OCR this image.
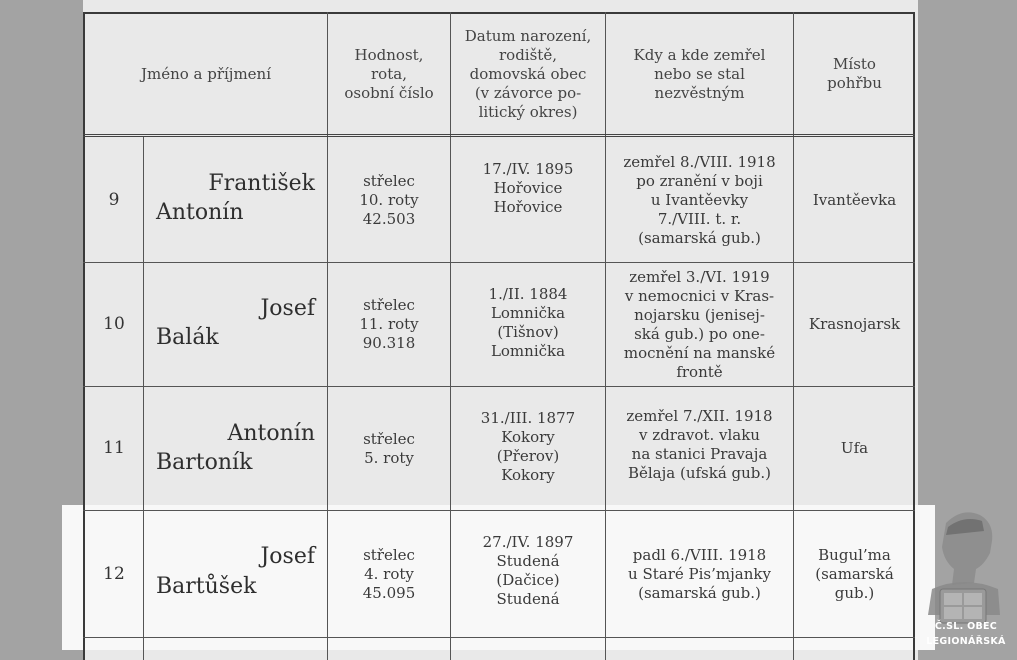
Jméno a příjmení
Hodnost,
rota,
osobní číslo
Datum narození,
rodiště,
domovská obec
(v závorce po-
litický okres)
Kdy a kde zemřel
nebo se stal
nezvěstným
Místo
pohřbu
9
František
Antonín
střelec
10. roty
42.503
17./IV. 1895
Hořovice
Hořovice
zemřel 8./VIII. 1918
po zranění v boji
u Ivantěevky
7./VIII. t. r.
(samarská gub.)
Ivantěevka
10
Josef
Balák
střelec
11. roty
90.318
1./II. 1884
Lomnička
(Tišnov)
Lomnička
zemřel 3./VI. 1919
v nemocnici v Kras-
nojarsku (jenisej-
ská gub.) po one-
mocnění na manské
frontě
Krasnojarsk
11
Antonín
Bartoník
střelec
5. roty
31./III. 1877
Kokory
(Přerov)
Kokory
zemřel 7./XII. 1918
v zdravot. vlaku
na stanici Pravaja
Bělaja (ufská gub.)
Ufa
12
Josef
Bartůšek
střelec
4. roty
45.095
27./IV. 1897
Studená
(Dačice)
Studená
padl 6./VIII. 1918
u Staré Pis’mjanky
(samarská gub.)
Bugul’ma
(samarská
gub.)
Č.SL. OBEC
LEGIONÁŘSKÁ
